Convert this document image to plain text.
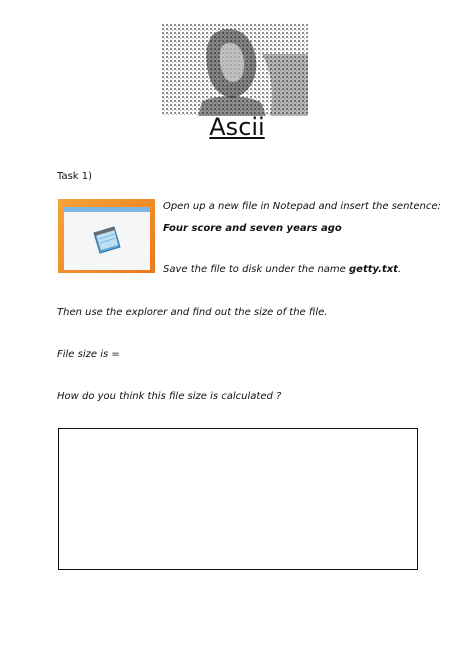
Ascii
Task 1)
Open up a new file in Notepad and insert the sentence:
Four score and seven years ago
Save the file to disk under the name getty.txt.
Then use the explorer and find out the size of the file.
File size is =
How do you think this file size is calculated ?
